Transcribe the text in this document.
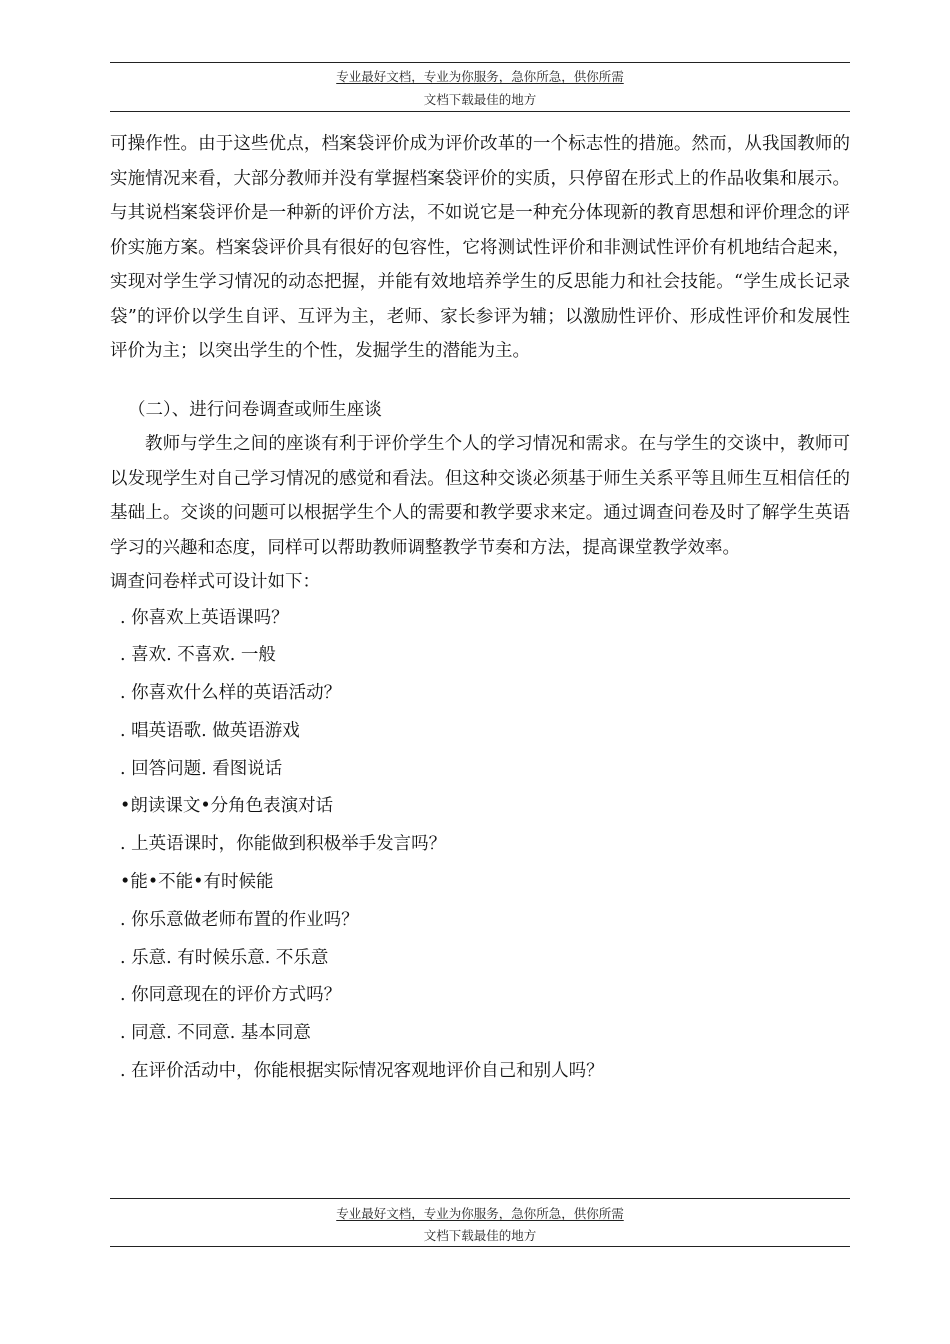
专业最好文档，专业为你服务，急你所急，供你所需
文档下载最佳的地方

可操作性。由于这些优点，档案袋评价成为评价改革的一个标志性的措施。然而，从我国教师的实施情况来看，大部分教师并没有掌握档案袋评价的实质，只停留在形式上的作品收集和展示。与其说档案袋评价是一种新的评价方法，不如说它是一种充分体现新的教育思想和评价理念的评价实施方案。档案袋评价具有很好的包容性，它将测试性评价和非测试性评价有机地结合起来，实现对学生学习情况的动态把握，并能有效地培养学生的反思能力和社会技能。“学生成长记录袋”的评价以学生自评、互评为主，老师、家长参评为辅；以激励性评价、形成性评价和发展性评价为主；以突出学生的个性，发掘学生的潜能为主。

（二）、进行问卷调查或师生座谈

教师与学生之间的座谈有利于评价学生个人的学习情况和需求。在与学生的交谈中，教师可以发现学生对自己学习情况的感觉和看法。但这种交谈必须基于师生关系平等且师生互相信任的基础上。交谈的问题可以根据学生个人的需要和教学要求来定。通过调查问卷及时了解学生英语学习的兴趣和态度，同样可以帮助教师调整教学节奏和方法，提高课堂教学效率。

调查问卷样式可设计如下：

. 你喜欢上英语课吗？

. 喜欢. 不喜欢. 一般

. 你喜欢什么样的英语活动？

. 唱英语歌. 做英语游戏

. 回答问题. 看图说话

•朗读课文•分角色表演对话

. 上英语课时，你能做到积极举手发言吗？

•能•不能•有时候能

. 你乐意做老师布置的作业吗？

. 乐意. 有时候乐意. 不乐意

. 你同意现在的评价方式吗？

. 同意. 不同意. 基本同意

. 在评价活动中，你能根据实际情况客观地评价自己和别人吗？

专业最好文档，专业为你服务，急你所急，供你所需
文档下载最佳的地方
